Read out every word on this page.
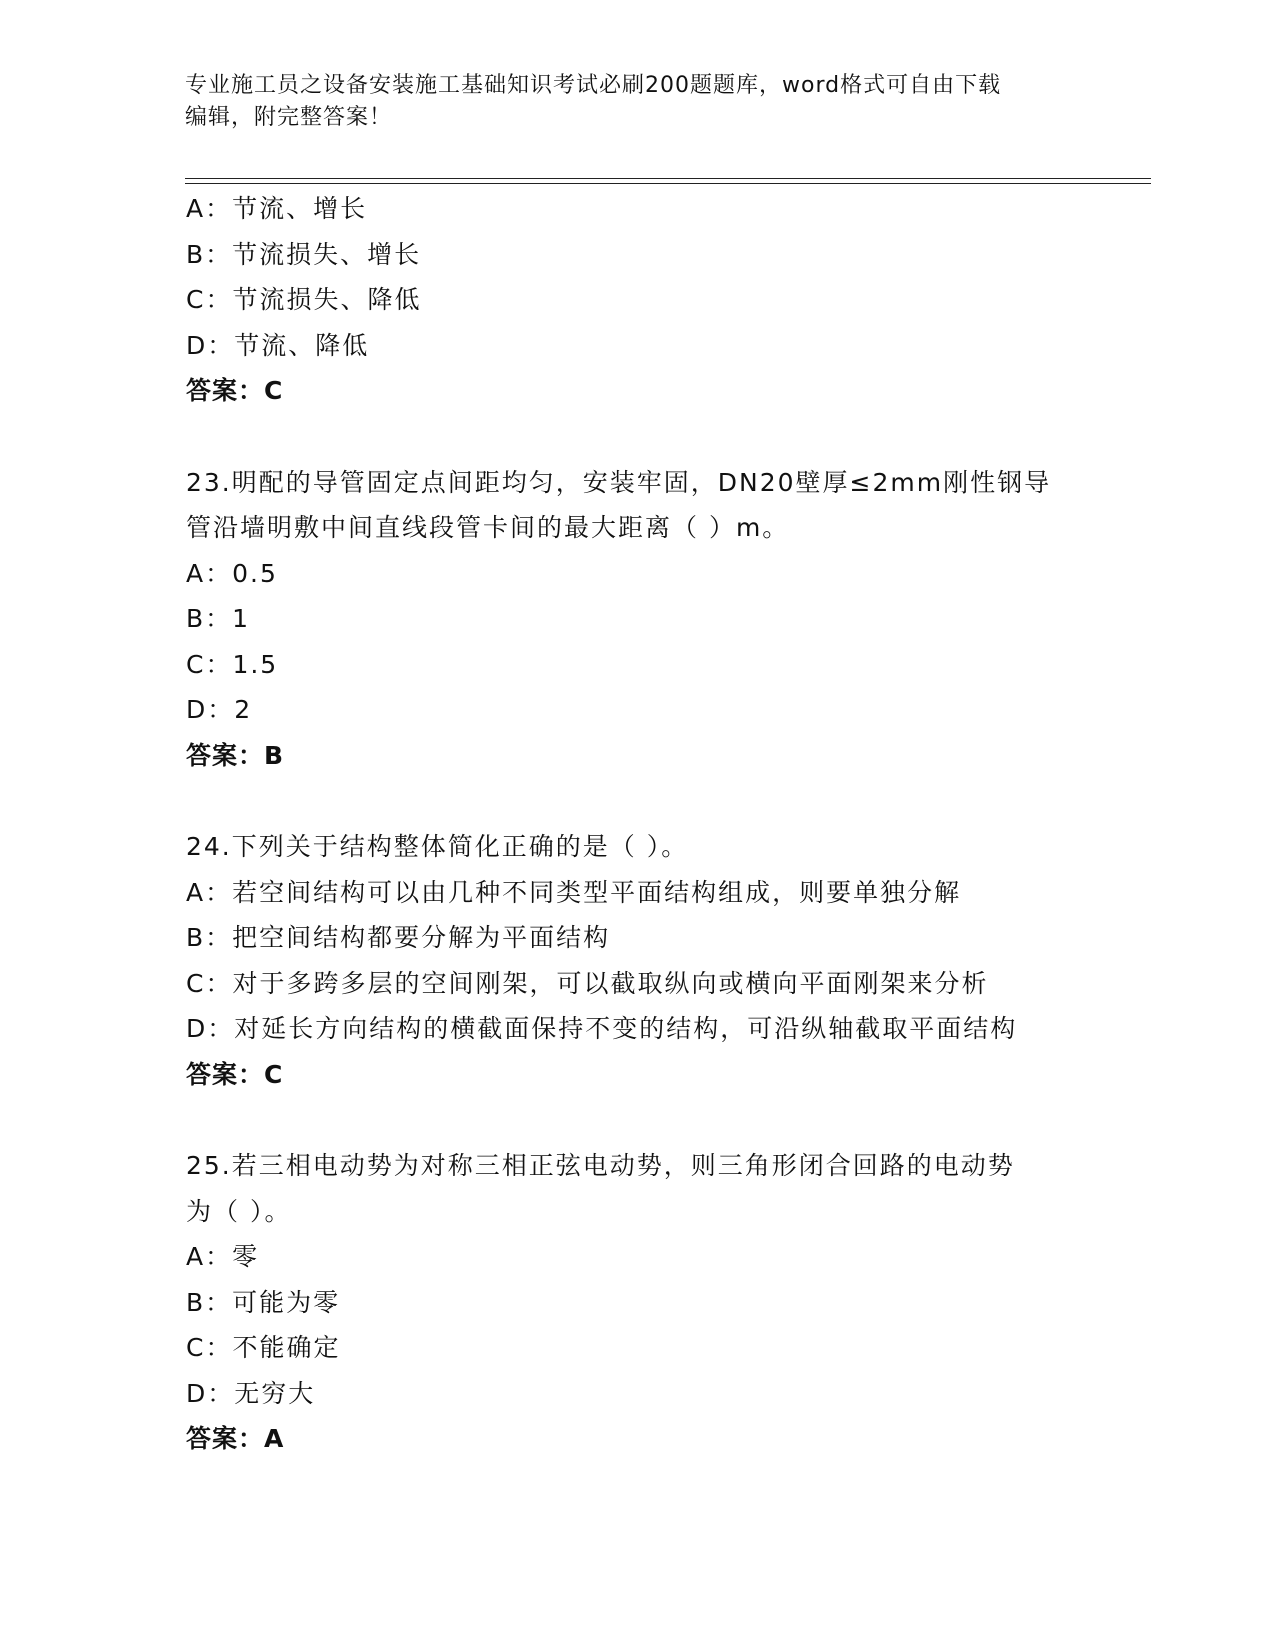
专业施工员之设备安装施工基础知识考试必刷200题题库，word格式可自由下载
编辑，附完整答案！
A：节流、增长
B：节流损失、增长
C：节流损失、降低
D：节流、降低
答案：C
23.明配的导管固定点间距均匀，安装牢固，DN20壁厚≤2mm刚性钢导
管沿墙明敷中间直线段管卡间的最大距离（ ）m。
A：0.5
B：1
C：1.5
D：2
答案：B
24.下列关于结构整体简化正确的是（ ）。
A：若空间结构可以由几种不同类型平面结构组成，则要单独分解
B：把空间结构都要分解为平面结构
C：对于多跨多层的空间刚架，可以截取纵向或横向平面刚架来分析
D：对延长方向结构的横截面保持不变的结构，可沿纵轴截取平面结构
答案：C
25.若三相电动势为对称三相正弦电动势，则三角形闭合回路的电动势
为（ ）。
A：零
B：可能为零
C：不能确定
D：无穷大
答案：A
